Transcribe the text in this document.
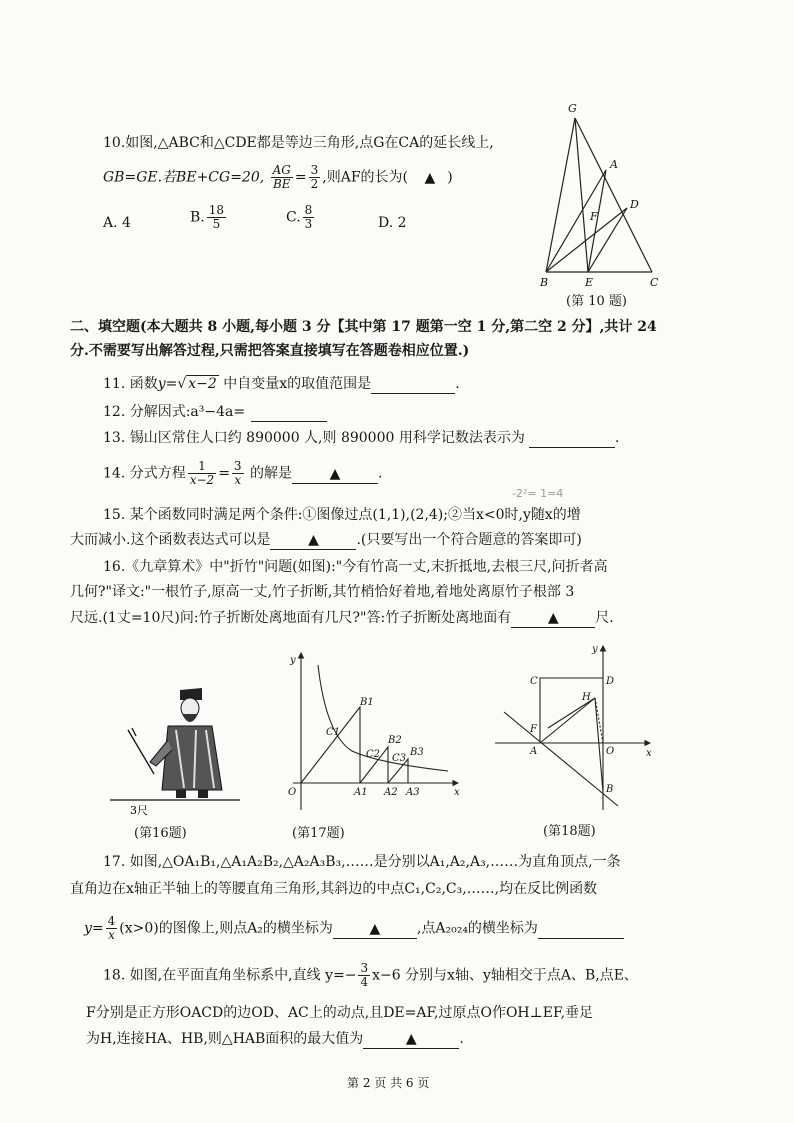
10.如图,△ABC和△CDE都是等边三角形,点G在CA的延长线上,
GB=GE.若BE+CG=20, $\frac{AG}{BE} = \frac{3}{2}$ ,则AF的长为( ▲ )
A. 4	B. $\frac{18}{5}$	C. $\frac{8}{3}$	D. 2
G
A
D
F
B	E	C
(第 10 题)
二、填空题(本大题共 8 小题,每小题 3 分【其中第 17 题第一空 1 分,第二空 2 分】,共计 24
分.不需要写出解答过程,只需把答案直接填写在答题卷相应位置.)
11. 函数y=√ x−2 中自变量x的取值范围是	.
12. 分解因式:a³−4a=
13. 锡山区常住人口约 890000 人,则 890000 用科学记数法表示为	.
14. 分式方程 $\frac{1}{x-2} = \frac{3}{x}$ 的解是	▲	.
-2²= 1=4
15. 某个函数同时满足两个条件:①图像过点(1,1),(2,4);②当x<0时,y随x的增
大而减小.这个函数表达式可以是	▲	.(只要写出一个符合题意的答案即可)
16.《九章算术》中"折竹"问题(如图):"今有竹高一丈,末折抵地,去根三尺,问折者高
几何?"译文:"一根竹子,原高一丈,竹子折断,其竹梢恰好着地,着地处离原竹子根部 3
尺远.(1丈=10尺)问:竹子折断处离地面有几尺?"答:竹子折断处离地面有	▲	尺.
3尺
(第16题)
y
x
O
B1
B2
B3
C1
C2 C3
A1 A2 A3
(第17题)
y
x
C	D
H
F
A	O
B
(第18题)
17. 如图,△OA₁B₁,△A₁A₂B₂,△A₂A₃B₃,……是分别以A₁,A₂,A₃,……为直角顶点,一条
直角边在x轴正半轴上的等腰直角三角形,其斜边的中点C₁,C₂,C₃,……,均在反比例函数
$y= \frac{4}{x} (x>0)$的图像上,则点A₂的横坐标为	▲	,点A₂₀₂₄的横坐标为
18. 如图,在平面直角坐标系中,直线 $y=- \frac{3}{4} x-6$ 分别与x轴、y轴相交于点A、B,点E、
F分别是正方形OACD的边OD、AC上的动点,且DE=AF,过原点O作OH⊥EF,垂足
为H,连接HA、HB,则△HAB面积的最大值为	▲	.
第 2 页 共 6 页
